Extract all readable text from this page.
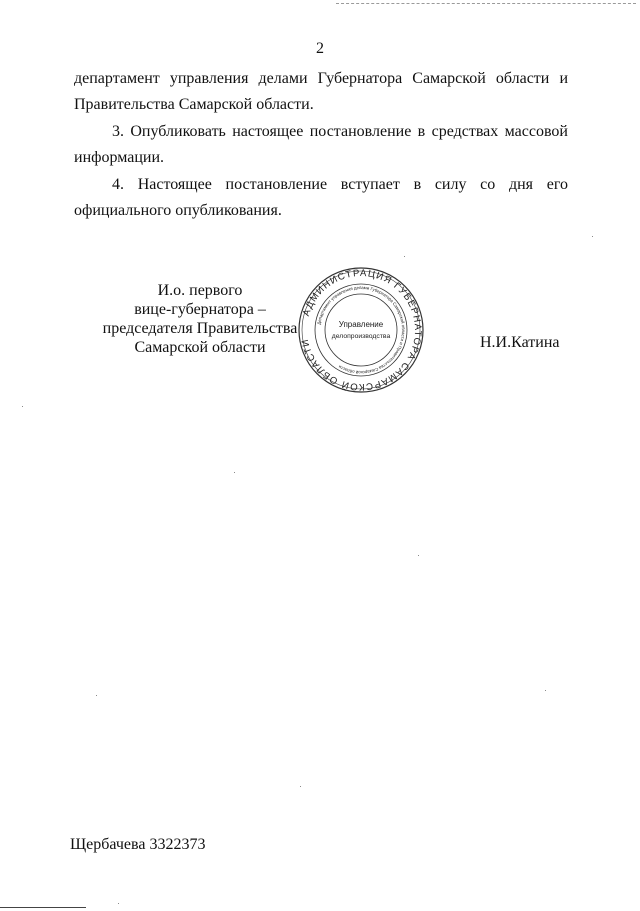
2
департамент управления делами Губернатора Самарской области и
Правительства Самарской области.
3. Опубликовать настоящее постановление в средствах массовой
информации.
4. Настоящее постановление вступает в силу со дня его
официального опубликования.
И.о. первого
вице-губернатора –
председателя Правительства
Самарской области
АДМИНИСТРАЦИЯ ГУБЕРНАТОРА САМАРСКОЙ ОБЛАСТИ
Департамент управления делами Губернатора Самарской области и Правительства Самарской области
Управление
делопроизводства	Н.И.Катина
Щербачева 3322373
